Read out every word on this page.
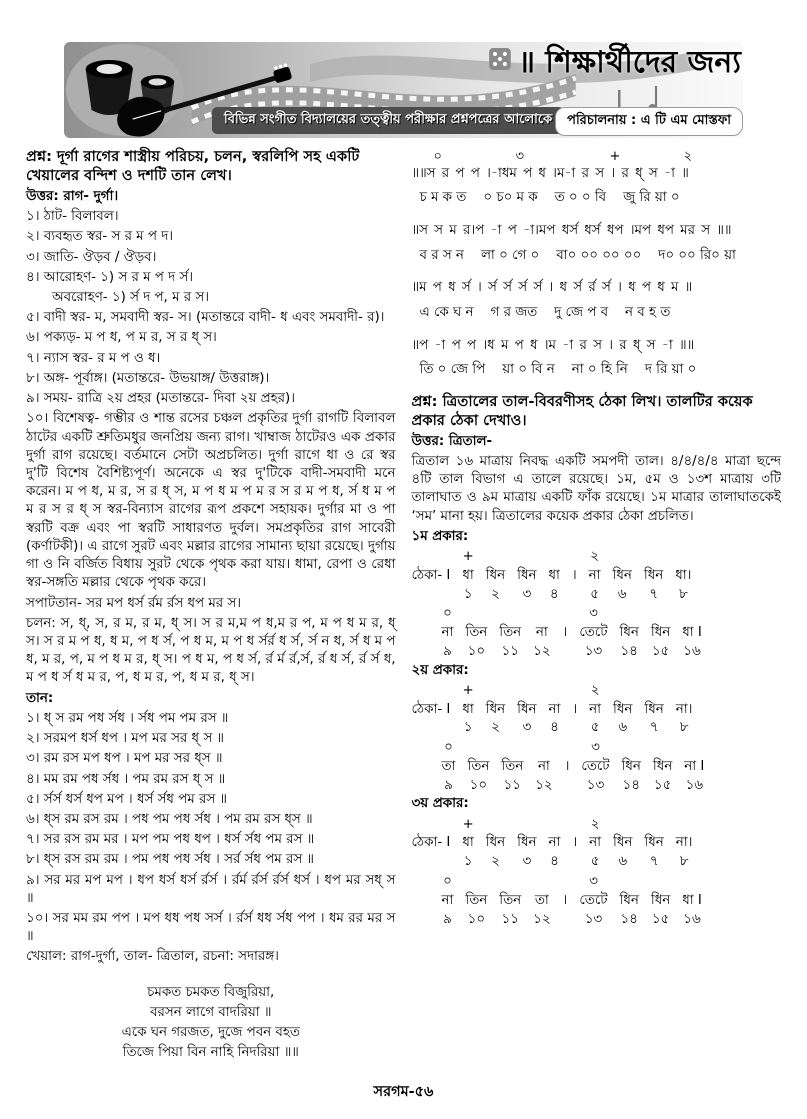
॥ শিক্ষার্থীদের জন্য
বিভিন্ন সংগীত বিদ্যালয়ের তত্ত্বীয় পরীক্ষার প্রশ্নপত্রের আলোকে	পরিচালনায় : এ টি এম মোস্তফা

প্রশ্ন: দূর্গা রাগের শাস্ত্রীয় পরিচয়, চলন, স্বরলিপি সহ একটি খেয়ালের বন্দিশ ও দশটি তান লেখ।

উত্তর: রাগ- দুর্গা।

১। ঠাট- বিলাবল।

২। ব্যবহৃত স্বর- স র ম প দ।

৩। জাতি- ঔড়ব / ঔড়ব।

৪। আরোহণ- ১) স র ম প দ র্স।

অবরোহণ- ১) র্স দ প, ম র স।

৫। বাদী স্বর- ম, সমবাদী স্বর- স। (মতান্তরে বাদী- ধ এবং সমবাদী- র)।

৬। পক্যড়- ম প ধ, প ম র, স র ধ্ স।

৭। ন্যাস স্বর- র ম প ও ধ।

৮। অঙ্গ- পূর্বাঙ্গ। (মতান্তরে- উভয়াঙ্গ/ উত্তরাঙ্গ)।

৯। সময়- রাত্রি ২য় প্রহর (মতান্তরে- দিবা ২য় প্রহর)।

১০। বিশেষত্ব- গম্ভীর ও শান্ত রসের চঞ্চল প্রকৃতির দুর্গা রাগটি বিলাবল ঠাটের একটি শ্রুতিমধুর জনপ্রিয় জন্য রাগ। খাম্বাজ ঠাটেরও এক প্রকার দুর্গা রাগ রয়েছে। বর্তমানে সেটা অপ্রচলিত। দুর্গা রাগে ধা ও রে স্বর দু'টি বিশেষ বৈশিষ্ট্যপূর্ণ। অনেকে এ স্বর দু'টিকে বাদী-সমবাদী মনে করেন। ম প ধ, ম র, স র ধ্ স, ম প ধ ম প ম র স র ম প ধ, র্স ধ ম প ম র স র ধ্ স স্বর-বিন্যাস রাগের রূপ প্রকশে সহায়ক। দুর্গার মা ও পা স্বরটি বক্র এবং পা স্বরটি সাধারণত দুর্বল। সমপ্রকৃতির রাগ সাবেরী (কর্ণাটকী)। এ রাগে সুরট এবং মল্লার রাগের সামান্য ছায়া রয়েছে। দুর্গায় গা ও নি বর্জিত বিধায় সুরট থেকে পৃথক করা যায়। ধামা, রেপা ও রেধা স্বর-সঙ্গতি মল্লার থেকে পৃথক করে।

সপাটতান- সর মপ ধর্স র্রম র্রস ধপ মর স।

চলন: স, ধ্, স, র ম, র ম, ধ্ স। স র ম,ম প ধ,ম র প, ম প ধ ম র, ধ্ স। স র ম প ধ, ধ ম, প ধ র্স, প ধ ম, ম প ধ র্সর্র ধ র্স, র্স ন ধ, র্স ধ ম প ধ, ম র, প, ম প ধ ম র, ধ্ স। প ধ ম, প ধ র্স, র্র র্ম র্র,র্স, র্র ধ র্স, র্র র্স ধ, ম প ধ র্স ধ ম র, প, ধ ম র, প, ধ ম র, ধ্ স।

তান:

১। ধ্ স রম পধ র্সধ । র্সধ পম পম রস ॥

২। সরমপ ধর্স ধপ । মপ মর সর ধ্ স ॥

৩। রম রস মপ ধপ । মপ মর সর ধ্স ॥

৪। মম রম পধ র্সধ । পম রম রস ধ্ স ॥

৫। র্সর্স ধর্স ধপ মপ । ধর্স র্সধ পম রস ॥

৬। ধ্স রম রস রম । পধ পম পধ র্সধ । পম রম রস ধ্স ॥

৭। সর রস রম মর । মপ পম পধ ধপ । ধর্স র্সধ পম রস ॥

৮। ধ্স রস রম রম । পম পধ পধ র্সধ । সর্র র্সধ পম রস ॥

৯। সর মর মপ মপ । ধপ ধর্স ধর্স র্রর্স । র্রর্ম র্রর্স র্রর্স ধর্স । ধপ মর সধ্ স ॥

১০। সর মম রম পপ । মপ ধধ পধ সর্স । র্রর্স ধধ র্সধ পপ । ধম রর মর স ॥

খেয়াল: রাগ-দুর্গা, তাল- ত্রিতাল, রচনা: সদারঙ্গ।

চমকত চমকত বিজুরিয়া,
বরসন লাগে বাদরিয়া ॥
একে ঘন গরজত, দুজে পবন বহত
তিজে পিয়া বিন নাহি নিদরিয়া ॥॥
০	৩	+	২
॥॥স র প প ।-াধম প ধ ।ম-া র স । র ধ্ স -া ॥
চ ম ক ত    ০ চ০ ম ক    ত ০ ০ বি    জু রি য়া ০
॥স স ম র।প -া প -া।মপ ধর্স ধর্স ধপ ।মপ ধপ মর স ॥॥
ব র স ন    লা ০ গে ০    বা০ ০০ ০০ ০০    দ০ ০০ রি০ য়া
॥ম প ধ র্স । র্স র্স র্স র্স । ধ র্স র্র র্স । ধ প ধ ম ॥
এ কে ঘ ন    গ র জত    দু জে প ব    ন ব হ ত
॥প -া প প ।ধ ম প ধ ।ম -া র স । র ধ্ স -া ॥॥
তি ০ জে পি    য়া ০ বি ন    না ০ হি নি    দ রি য়া ০

প্রশ্ন: ত্রিতালের তাল-বিবরণীসহ ঠেকা লিখ। তালটির কয়েক প্রকার ঠেকা দেখাও।

উত্তর: ত্রিতাল-

ত্রিতাল ১৬ মাত্রায় নিবদ্ধ একটি সমপদী তাল। ৪/৪/৪/৪ মাত্রা ছন্দে ৪টি তাল বিভাগ এ তালে রয়েছে। ১ম, ৫ম ও ১৩শ মাত্রায় ৩টি তালাঘাত ও ৯ম মাত্রায় একটি ফাঁক রয়েছে। ১ম মাত্রার তালাঘাতকেই ‘সম’ মানা হয়। ত্রিতালের কয়েক প্রকার ঠেকা প্রচলিত।

১ম প্রকার:

	+					২			
ঠেকা- I	ধা	ধিন	ধিন	ধা	।	না	ধিন	ধিন	ধা।
	১	২	৩	৪		৫	৬	৭	৮
০					৩			
না	তিন	তিন	না	।	তেটে	ধিন	ধিন	ধা I
৯	১০	১১	১২		১৩	১৪	১৫	১৬

২য় প্রকার:

	+					২			
ঠেকা- I	ধা	ধিন	ধিন	না	।	না	ধিন	ধিন	না।
	১	২	৩	৪		৫	৬	৭	৮
০					৩			
তা	তিন	তিন	না	।	তেটে	ধিন	ধিন	না I
৯	১০	১১	১২		১৩	১৪	১৫	১৬

৩য় প্রকার:

	+					২			
ঠেকা- I	ধা	ধিন	ধিন	না	।	না	ধিন	ধিন	না।
	১	২	৩	৪		৫	৬	৭	৮
০					৩			
না	তিন	তিন	তা	।	তেটে	ধিন	ধিন	ধা I
৯	১০	১১	১২		১৩	১৪	১৫	১৬
সরগম-৫৬
